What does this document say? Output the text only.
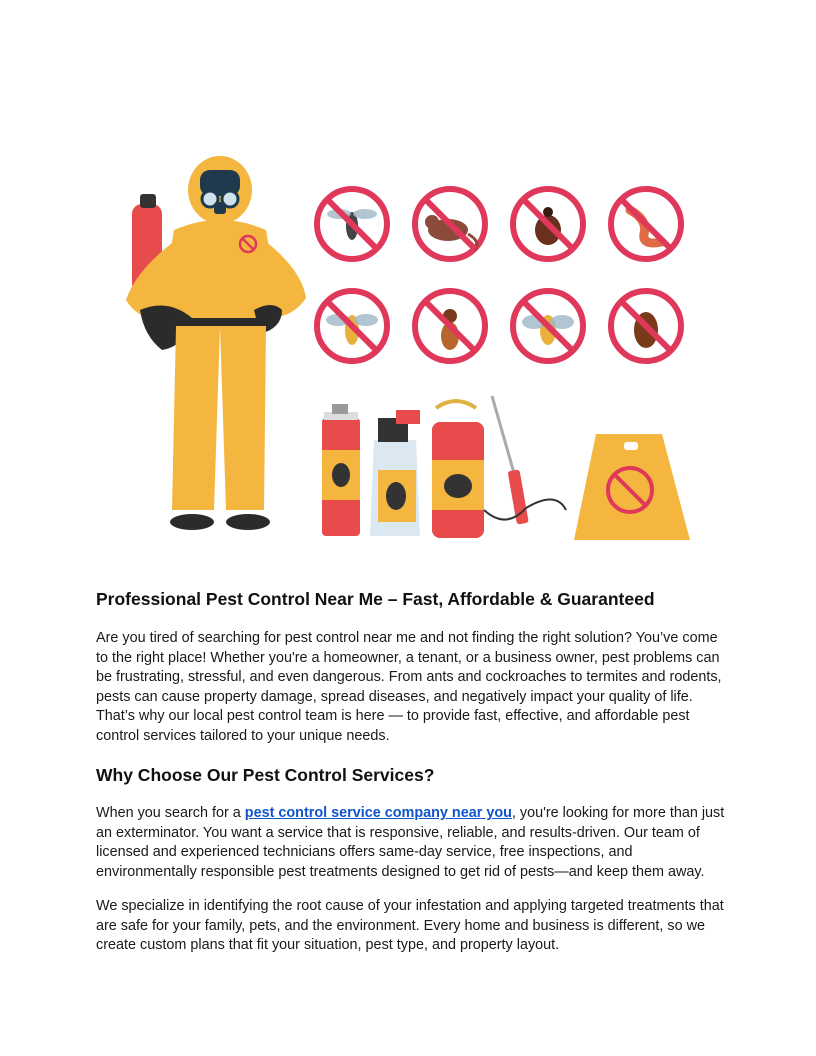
Professional Pest Control Near Me – Fast, Affordable & Guaranteed

Are you tired of searching for pest control near me and not finding the right solution? You’ve come to the right place! Whether you're a homeowner, a tenant, or a business owner, pest problems can be frustrating, stressful, and even dangerous. From ants and cockroaches to termites and rodents, pests can cause property damage, spread diseases, and negatively impact your quality of life. That’s why our local pest control team is here — to provide fast, effective, and affordable pest control services tailored to your unique needs.

Why Choose Our Pest Control Services?

When you search for a pest control service company near you, you're looking for more than just an exterminator. You want a service that is responsive, reliable, and results-driven. Our team of licensed and experienced technicians offers same-day service, free inspections, and environmentally responsible pest treatments designed to get rid of pests—and keep them away.

We specialize in identifying the root cause of your infestation and applying targeted treatments that are safe for your family, pets, and the environment. Every home and business is different, so we create custom plans that fit your situation, pest type, and property layout.
